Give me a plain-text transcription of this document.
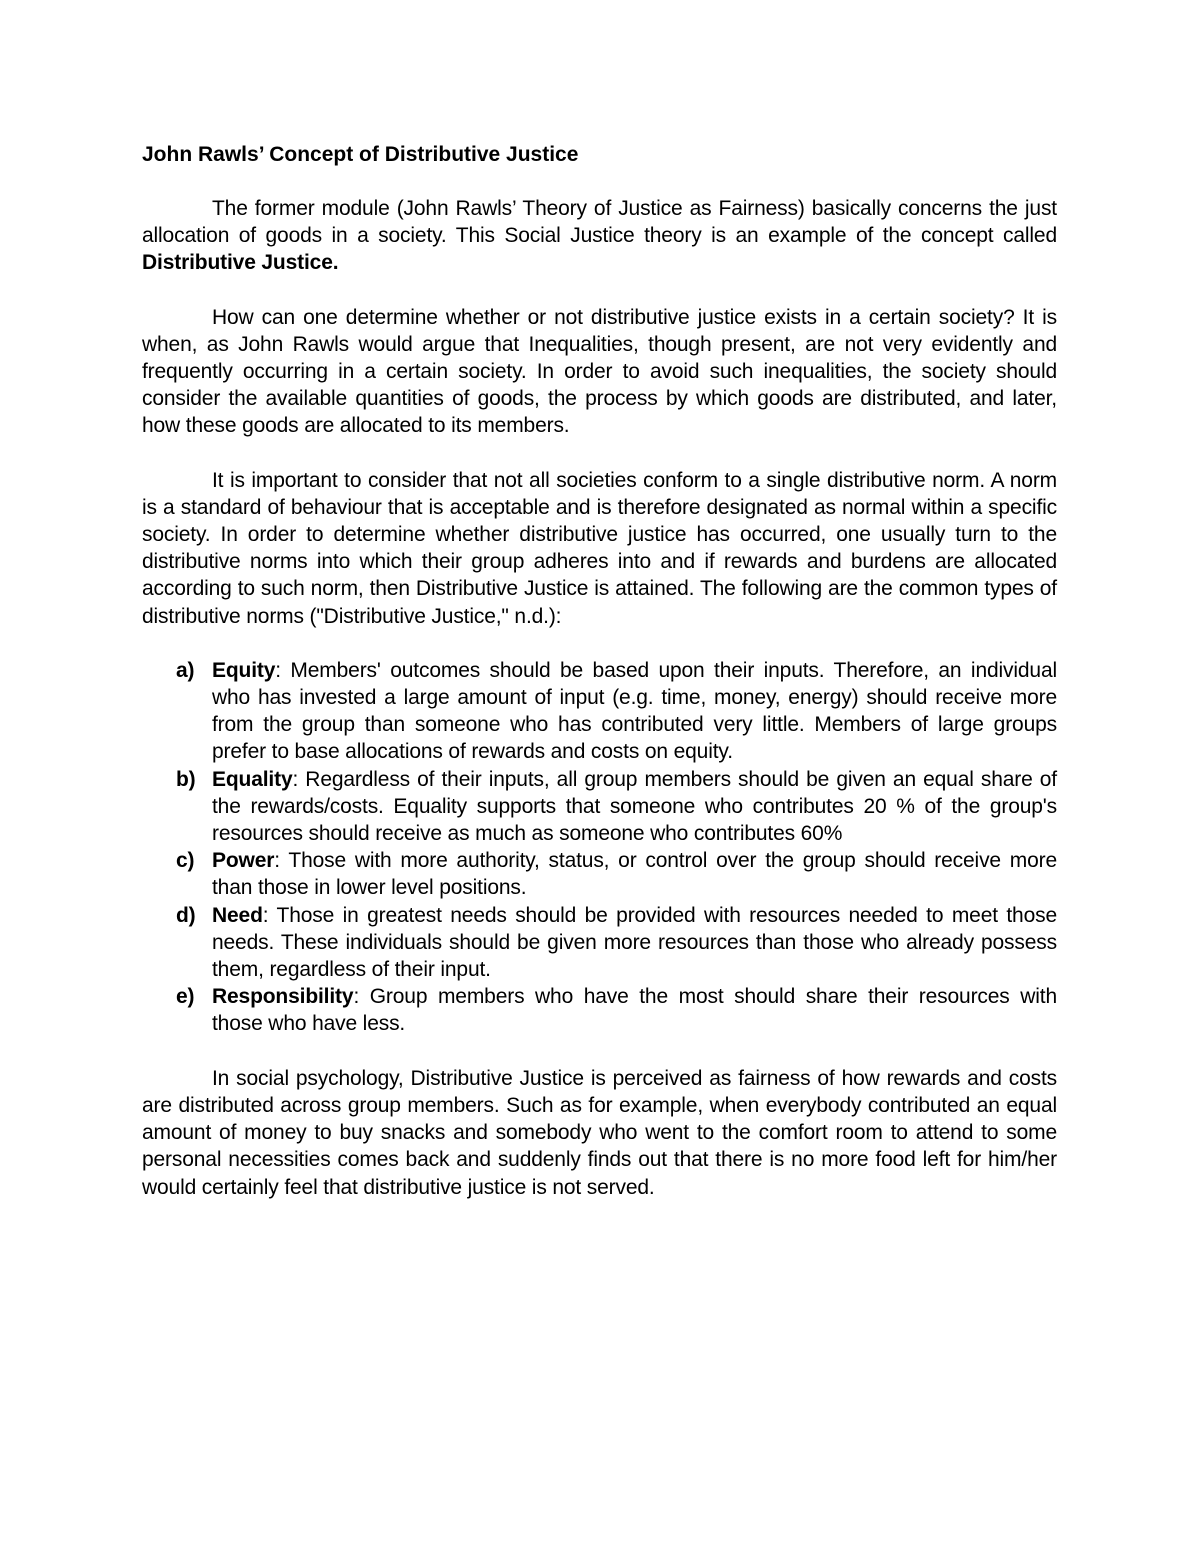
John Rawls’ Concept of Distributive Justice

The former module (John Rawls’ Theory of Justice as Fairness) basically concerns the just allocation of goods in a society. This Social Justice theory is an example of the concept called Distributive Justice.

How can one determine whether or not distributive justice exists in a certain society? It is when, as John Rawls would argue that Inequalities, though present, are not very evidently and frequently occurring in a certain society. In order to avoid such inequalities, the society should consider the available quantities of goods, the process by which goods are distributed, and later, how these goods are allocated to its members.

It is important to consider that not all societies conform to a single distributive norm. A norm is a standard of behaviour that is acceptable and is therefore designated as normal within a specific society. In order to determine whether distributive justice has occurred, one usually turn to the distributive norms into which their group adheres into and if rewards and burdens are allocated according to such norm, then Distributive Justice is attained. The following are the common types of distributive norms ("Distributive Justice," n.d.):

a) Equity: Members' outcomes should be based upon their inputs. Therefore, an individual who has invested a large amount of input (e.g. time, money, energy) should receive more from the group than someone who has contributed very little. Members of large groups prefer to base allocations of rewards and costs on equity.
b) Equality: Regardless of their inputs, all group members should be given an equal share of the rewards/costs. Equality supports that someone who contributes 20 % of the group's resources should receive as much as someone who contributes 60%
c) Power: Those with more authority, status, or control over the group should receive more than those in lower level positions.
d) Need: Those in greatest needs should be provided with resources needed to meet those needs. These individuals should be given more resources than those who already possess them, regardless of their input.
e) Responsibility: Group members who have the most should share their resources with those who have less.

In social psychology, Distributive Justice is perceived as fairness of how rewards and costs are distributed across group members. Such as for example, when everybody contributed an equal amount of money to buy snacks and somebody who went to the comfort room to attend to some personal necessities comes back and suddenly finds out that there is no more food left for him/her would certainly feel that distributive justice is not served.
